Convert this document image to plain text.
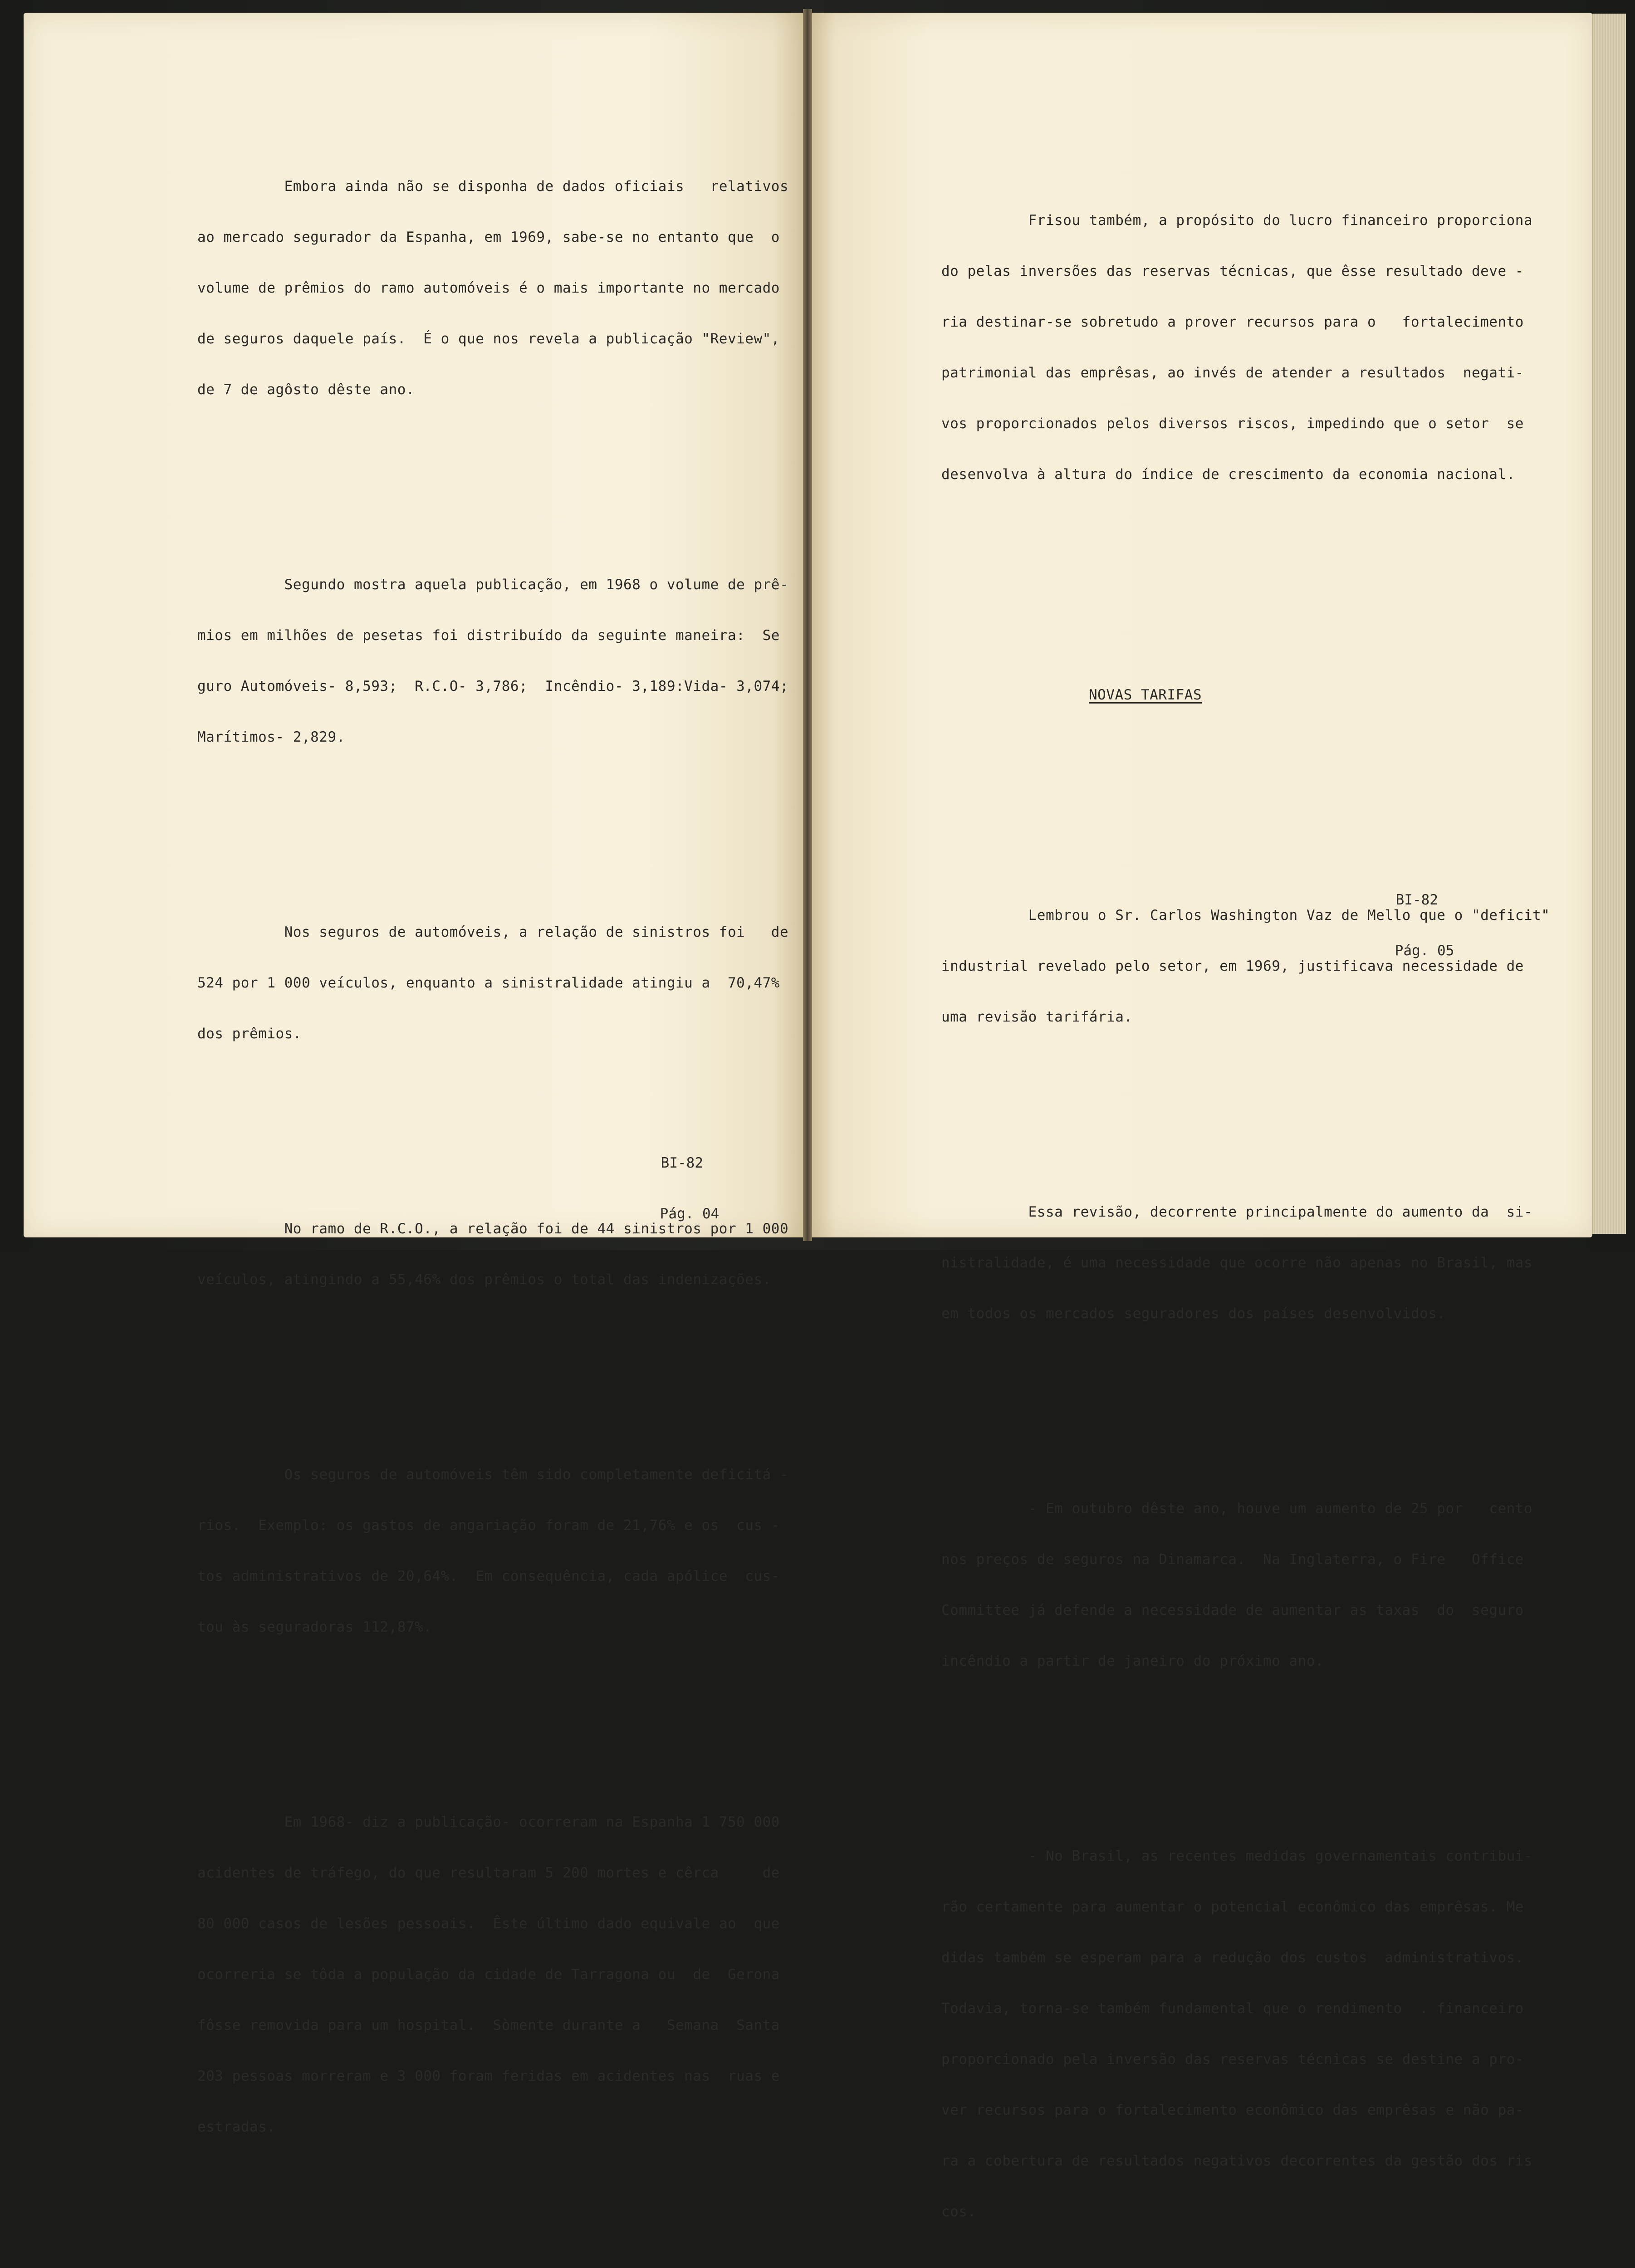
Embora ainda não se disponha de dados oficiais   relativos

ao mercado segurador da Espanha, em 1969, sabe-se no entanto que  o

volume de prêmios do ramo automóveis é o mais importante no mercado

de seguros daquele país.  É o que nos revela a publicação "Review",

de 7 de agôsto dêste ano.

Segundo mostra aquela publicação, em 1968 o volume de prê-

mios em milhões de pesetas foi distribuído da seguinte maneira:  Se

guro Automóveis- 8,593;  R.C.O- 3,786;  Incêndio- 3,189:Vida- 3,074;

Marítimos- 2,829.

Nos seguros de automóveis, a relação de sinistros foi   de

524 por 1 000 veículos, enquanto a sinistralidade atingiu a  70,47%

dos prêmios.

No ramo de R.C.O., a relação foi de 44 sinistros por 1 000

veículos, atingindo a 55,46% dos prêmios o total das indenizações.

Os seguros de automóveis têm sido completamente deficitá -

rios.  Exemplo: os gastos de angariação foram de 21,76% e os  cus -

tos administrativos de 20,64%.  Em consequência, cada apólice  cus-

tou às seguradoras 112,87%.

Em 1968- diz a publicação- ocorreram na Espanha 1 750 000

acidentes de tráfego, do que resultaram 5 200 mortes e cêrca     de

80 000 casos de lesões pessoais.  Êste último dado equivale ao  que

ocorreria se tôda a população da cidade de Tarragona ou  de  Gerona

fôsse removida para um hospital.  Sòmente durante a   Semana  Santa

203 pessoas morreram e 3 000 foram feridas em acidentes nas  ruas e

estradas.

BI-82

Pág. 04

Frisou também, a propósito do lucro financeiro proporciona

do pelas inversões das reservas técnicas, que êsse resultado deve -

ria destinar-se sobretudo a prover recursos para o   fortalecimento

patrimonial das emprêsas, ao invés de atender a resultados  negati-

vos proporcionados pelos diversos riscos, impedindo que o setor  se

desenvolva à altura do índice de crescimento da economia nacional.

NOVAS TARIFAS

Lembrou o Sr. Carlos Washington Vaz de Mello que o "deficit"

industrial revelado pelo setor, em 1969, justificava necessidade de

uma revisão tarifária.

Essa revisão, decorrente principalmente do aumento da  si-

nistralidade, é uma necessidade que ocorre não apenas no Brasil, mas

em todos os mercados seguradores dos países desenvolvidos.

- Em outubro dêste ano, houve um aumento de 25 por   cento

nos preços de seguros na Dinamarca.  Na Inglaterra, o Fire   Office

Committee já defende a necessidade de aumentar as taxas  do  seguro

incêndio a partir de janeiro do próximo ano.

- No Brasil, as recentes medidas governamentais contribui-

rão certamente para aumentar o potencial econômico das emprêsas. Me

didas também se esperam para a redução dos custos  administrativos.

Todavia, torna-se também fundamental que o rendimento  . financeiro

proporcionado pela inversão das reservas técnicas se destine a pro-

ver recursos para o fortalecimento econômico das emprêsas e não pa-

ra a cobertura de resultados negativos decorrentes da gestão dos ris

cos.

BI-82

Pág. 05
